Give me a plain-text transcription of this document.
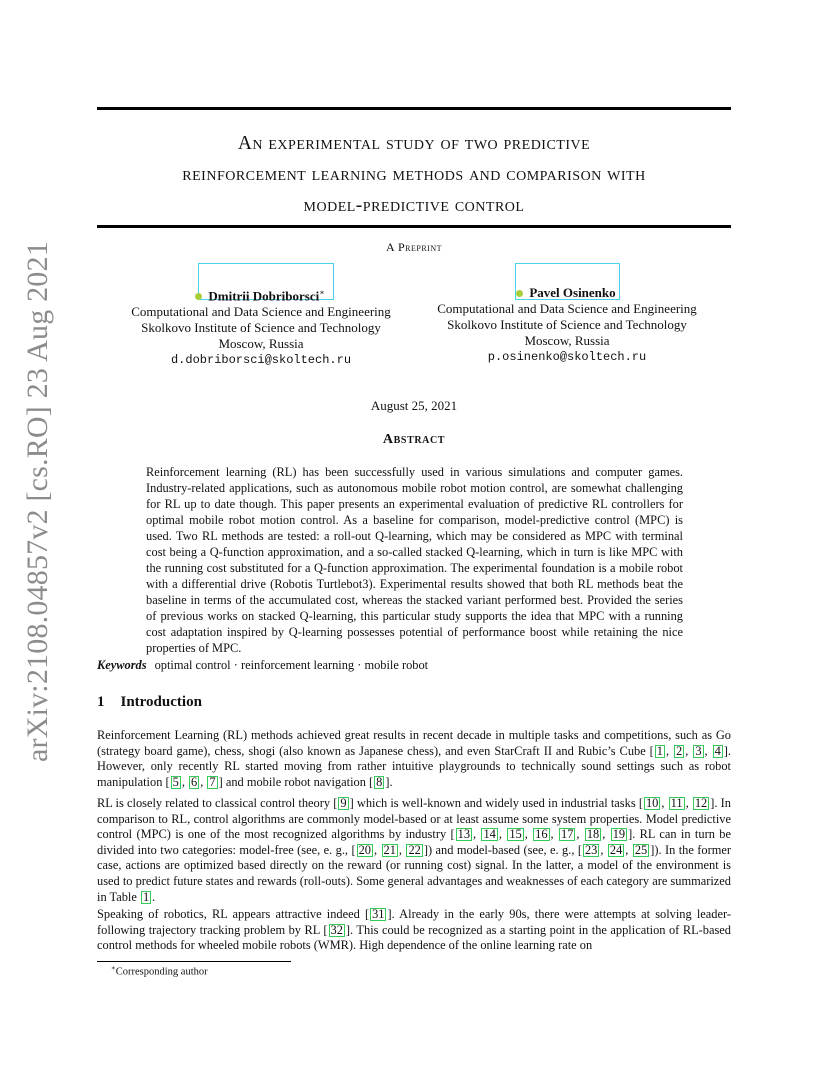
arXiv:2108.04857v2 [cs.RO] 23 Aug 2021
An experimental study of two predictive
reinforcement learning methods and comparison with
model-predictive control
A Preprint
Dmitrii Dobriborsci∗
Computational and Data Science and Engineering
Skolkovo Institute of Science and Technology
Moscow, Russia
d.dobriborsci@skoltech.ru
Pavel Osinenko
Computational and Data Science and Engineering
Skolkovo Institute of Science and Technology
Moscow, Russia
p.osinenko@skoltech.ru
August 25, 2021
Abstract
Reinforcement learning (RL) has been successfully used in various simulations and computer games. Industry-related applications, such as autonomous mobile robot motion control, are somewhat challenging for RL up to date though. This paper presents an experimental evaluation of predictive RL controllers for optimal mobile robot motion control. As a baseline for comparison, model-predictive control (MPC) is used. Two RL methods are tested: a roll-out Q-learning, which may be considered as MPC with terminal cost being a Q-function approximation, and a so-called stacked Q-learning, which in turn is like MPC with the running cost substituted for a Q-function approximation. The experimental foundation is a mobile robot with a differential drive (Robotis Turtlebot3). Experimental results showed that both RL methods beat the baseline in terms of the accumulated cost, whereas the stacked variant performed best. Provided the series of previous works on stacked Q-learning, this particular study supports the idea that MPC with a running cost adaptation inspired by Q-learning possesses potential of performance boost while retaining the nice properties of MPC.
Keywords optimal control · reinforcement learning · mobile robot
1 Introduction
Reinforcement Learning (RL) methods achieved great results in recent decade in multiple tasks and competitions, such as Go (strategy board game), chess, shogi (also known as Japanese chess), and even StarCraft II and Rubic’s Cube [ 1 , 2 , 3 , 4 ]. However, only recently RL started moving from rather intuitive playgrounds to technically sound settings such as robot manipulation [ 5 , 6 , 7 ] and mobile robot navigation [ 8 ].
RL is closely related to classical control theory [ 9 ] which is well-known and widely used in industrial tasks [ 10 , 11 , 12 ]. In comparison to RL, control algorithms are commonly model-based or at least assume some system properties. Model predictive control (MPC) is one of the most recognized algorithms by industry [ 13 , 14 , 15 , 16 , 17 , 18 , 19 ]. RL can in turn be divided into two categories: model-free (see, e. g., [ 20 , 21 , 22 ]) and model-based (see, e. g., [ 23 , 24 , 25 ]). In the former case, actions are optimized based directly on the reward (or running cost) signal. In the latter, a model of the environment is used to predict future states and rewards (roll-outs). Some general advantages and weaknesses of each category are summarized in Table 1 .
Speaking of robotics, RL appears attractive indeed [ 31 ]. Already in the early 90s, there were attempts at solving leader-following trajectory tracking problem by RL [ 32 ]. This could be recognized as a starting point in the application of RL-based control methods for wheeled mobile robots (WMR). High dependence of the online learning rate on
∗Corresponding author
